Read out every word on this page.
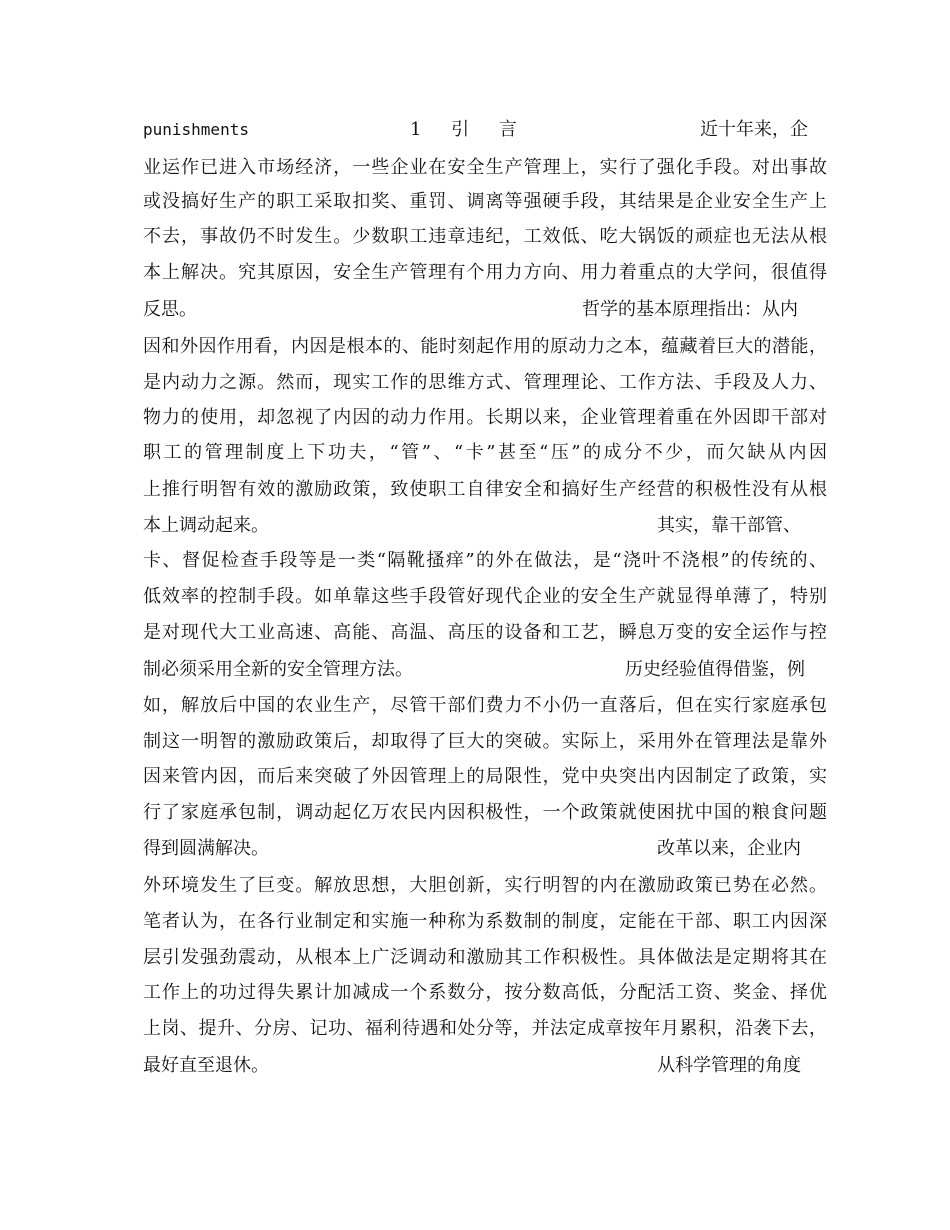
punishments	1 引 言	近十年来，企
业运作已进入市场经济，一些企业在安全生产管理上，实行了强化手段。对出事故
或没搞好生产的职工采取扣奖、重罚、调离等强硬手段，其结果是企业安全生产上
不去，事故仍不时发生。少数职工违章违纪，工效低、吃大锅饭的顽症也无法从根
本上解决。究其原因，安全生产管理有个用力方向、用力着重点的大学问，很值得
反思。	哲学的基本原理指出：从内
因和外因作用看，内因是根本的、能时刻起作用的原动力之本，蕴藏着巨大的潜能，
是内动力之源。然而，现实工作的思维方式、管理理论、工作方法、手段及人力、
物力的使用，却忽视了内因的动力作用。长期以来，企业管理着重在外因即干部对
职工的管理制度上下功夫，“管”、“卡”甚至“压”的成分不少，而欠缺从内因
上推行明智有效的激励政策，致使职工自律安全和搞好生产经营的积极性没有从根
本上调动起来。	其实，靠干部管、
卡、督促检查手段等是一类“隔靴搔痒”的外在做法，是“浇叶不浇根”的传统的、
低效率的控制手段。如单靠这些手段管好现代企业的安全生产就显得单薄了，特别
是对现代大工业高速、高能、高温、高压的设备和工艺，瞬息万变的安全运作与控
制必须采用全新的安全管理方法。	历史经验值得借鉴，例
如，解放后中国的农业生产，尽管干部们费力不小仍一直落后，但在实行家庭承包
制这一明智的激励政策后，却取得了巨大的突破。实际上，采用外在管理法是靠外
因来管内因，而后来突破了外因管理上的局限性，党中央突出内因制定了政策，实
行了家庭承包制，调动起亿万农民内因积极性，一个政策就使困扰中国的粮食问题
得到圆满解决。	改革以来，企业内
外环境发生了巨变。解放思想，大胆创新，实行明智的内在激励政策已势在必然。
笔者认为，在各行业制定和实施一种称为系数制的制度，定能在干部、职工内因深
层引发强劲震动，从根本上广泛调动和激励其工作积极性。具体做法是定期将其在
工作上的功过得失累计加减成一个系数分，按分数高低，分配活工资、奖金、择优
上岗、提升、分房、记功、福利待遇和处分等，并法定成章按年月累积，沿袭下去，
最好直至退休。	从科学管理的角度
